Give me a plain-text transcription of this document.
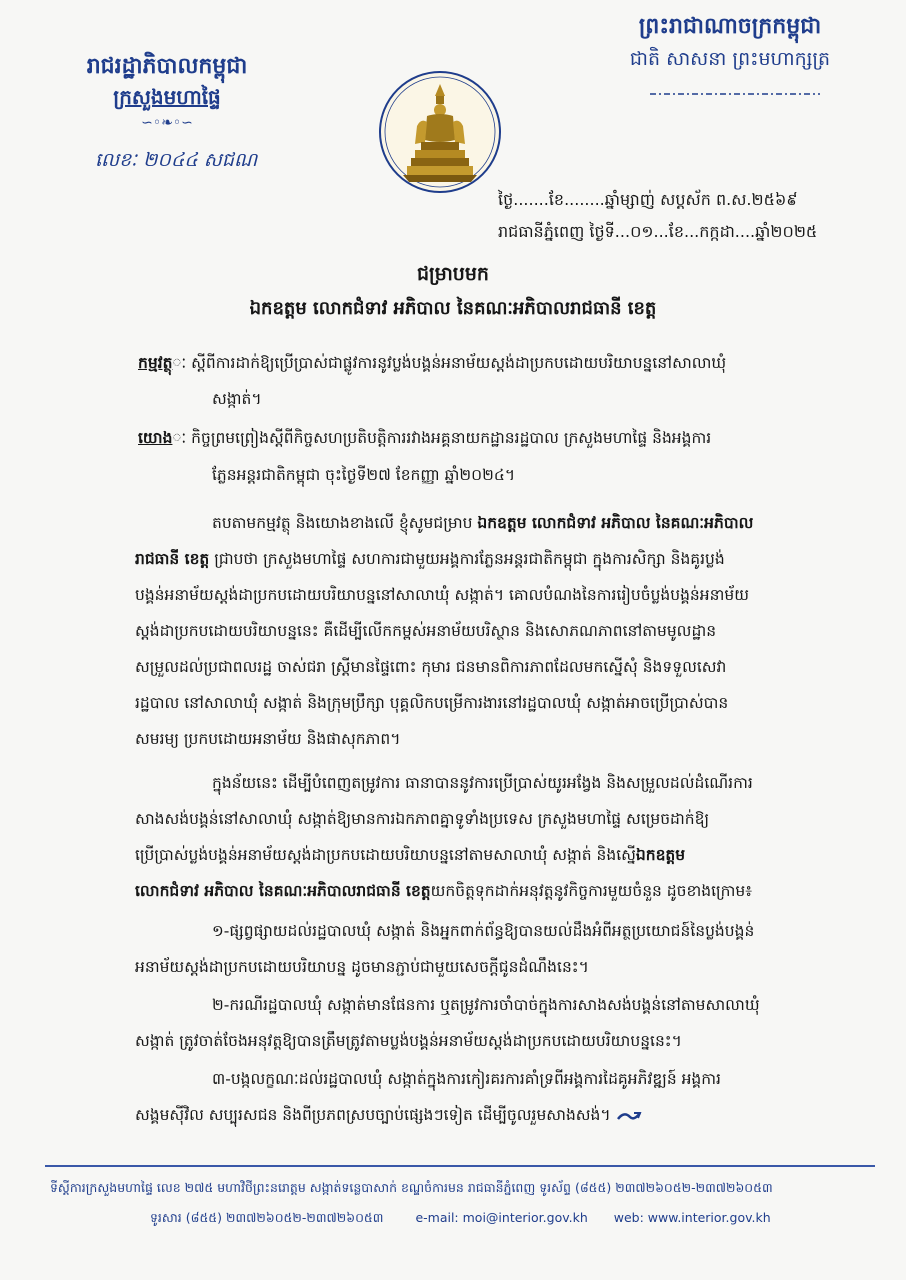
រាជរដ្ឋាភិបាលកម្ពុជា
ក្រសួងមហាផ្ទៃ
∽◦❧◦∽
លេខៈ ២០៤៤ សជណ
ព្រះរាជាណាចក្រកម្ពុជា
ជាតិ សាសនា ព្រះមហាក្សត្រ
ថ្ងៃ.......ខែ........ឆ្នាំម្សាញ់ សប្តស័ក ព.ស.២៥៦៩
រាជធានីភ្នំពេញ ថ្ងៃទី...០១...ខែ...កក្កដា....ឆ្នាំ២០២៥
ជម្រាបមក
ឯកឧត្តម លោកជំទាវ អភិបាល នៃគណៈអភិបាលរាជធានី ខេត្ត
កម្មវត្ថុៈ ស្តីពីការដាក់ឱ្យប្រើប្រាស់ជាផ្លូវការនូវប្លង់បង្គន់អនាម័យស្តង់ដាប្រកបដោយបរិយាបន្ននៅសាលាឃុំ
សង្កាត់។
យោងៈ កិច្ចព្រមព្រៀងស្តីពីកិច្ចសហប្រតិបត្តិការរវាងអគ្គនាយកដ្ឋានរដ្ឋបាល ក្រសួងមហាផ្ទៃ និងអង្គការ
ភ្លែនអន្តរជាតិកម្ពុជា ចុះថ្ងៃទី២៧ ខែកញ្ញា ឆ្នាំ២០២៤។
តបតាមកម្មវត្ថុ និងយោងខាងលើ ខ្ញុំសូមជម្រាប ឯកឧត្តម លោកជំទាវ អភិបាល នៃគណៈអភិបាល
រាជធានី ខេត្ត ជ្រាបថា ក្រសួងមហាផ្ទៃ សហការជាមួយអង្គការភ្លែនអន្តរជាតិកម្ពុជា ក្នុងការសិក្សា និងគូរប្លង់
បង្គន់អនាម័យស្តង់ដាប្រកបដោយបរិយាបន្ននៅសាលាឃុំ សង្កាត់។ គោលបំណងនៃការរៀបចំប្លង់បង្គន់អនាម័យ
ស្តង់ដាប្រកបដោយបរិយាបន្ននេះ គឺដើម្បីលើកកម្ពស់អនាម័យបរិស្ថាន និងសោភណភាពនៅតាមមូលដ្ឋាន
សម្រួលដល់ប្រជាពលរដ្ឋ ចាស់ជរា ស្ត្រីមានផ្ទៃពោះ កុមារ ជនមានពិការភាពដែលមកស្នើសុំ និងទទួលសេវា
រដ្ឋបាល នៅសាលាឃុំ សង្កាត់ និងក្រុមប្រឹក្សា បុគ្គលិកបម្រើការងារនៅរដ្ឋបាលឃុំ សង្កាត់អាចប្រើប្រាស់បាន
សមរម្យ ប្រកបដោយអនាម័យ និងផាសុកភាព។
ក្នុងន័យនេះ ដើម្បីបំពេញតម្រូវការ ធានាបាននូវការប្រើប្រាស់យូរអង្វែង និងសម្រួលដល់ដំណើរការ
សាងសង់បង្គន់នៅសាលាឃុំ សង្កាត់ឱ្យមានការឯកភាពគ្នាទូទាំងប្រទេស ក្រសួងមហាផ្ទៃ សម្រេចដាក់ឱ្យ
ប្រើប្រាស់ប្លង់បង្គន់អនាម័យស្តង់ដាប្រកបដោយបរិយាបន្ននៅតាមសាលាឃុំ សង្កាត់ និងស្នើឯកឧត្តម
លោកជំទាវ អភិបាល នៃគណៈអភិបាលរាជធានី ខេត្តយកចិត្តទុកដាក់អនុវត្តនូវកិច្ចការមួយចំនួន ដូចខាងក្រោម៖
១-ផ្សព្វផ្សាយដល់រដ្ឋបាលឃុំ សង្កាត់ និងអ្នកពាក់ព័ន្ធឱ្យបានយល់ដឹងអំពីអត្ថប្រយោជន៍នៃប្លង់បង្គន់
អនាម័យស្តង់ដាប្រកបដោយបរិយាបន្ន ដូចមានភ្ជាប់ជាមួយសេចក្តីជូនដំណឹងនេះ។
២-ករណីរដ្ឋបាលឃុំ សង្កាត់មានផែនការ ឬតម្រូវការចាំបាច់ក្នុងការសាងសង់បង្គន់នៅតាមសាលាឃុំ
សង្កាត់ ត្រូវចាត់ចែងអនុវត្តឱ្យបានត្រឹមត្រូវតាមប្លង់បង្គន់អនាម័យស្តង់ដាប្រកបដោយបរិយាបន្ននេះ។
៣-បង្កលក្ខណៈដល់រដ្ឋបាលឃុំ សង្កាត់ក្នុងការកៀរគរការគាំទ្រពីអង្គការដៃគូអភិវឌ្ឍន៍ អង្គការ
សង្គមស៊ីវិល សប្បុរសជន និងពីប្រភពស្របច្បាប់ផ្សេងៗទៀត ដើម្បីចូលរួមសាងសង់។
ទីស្តីការក្រសួងមហាផ្ទៃ លេខ ២៧៥ មហាវិថីព្រះនរោត្តម សង្កាត់ទន្លេបាសាក់ ខណ្ឌចំការមន រាជធានីភ្នំពេញ ទូរស័ព្ទ (៨៥៥) ២៣៧២៦០៥២-២៣៧២៦០៥៣
ទូរសារ (៨៥៥) ២៣៧២៦០៥២-២៣៧២៦០៥៣	e-mail: moi@interior.gov.kh web: www.interior.gov.kh
